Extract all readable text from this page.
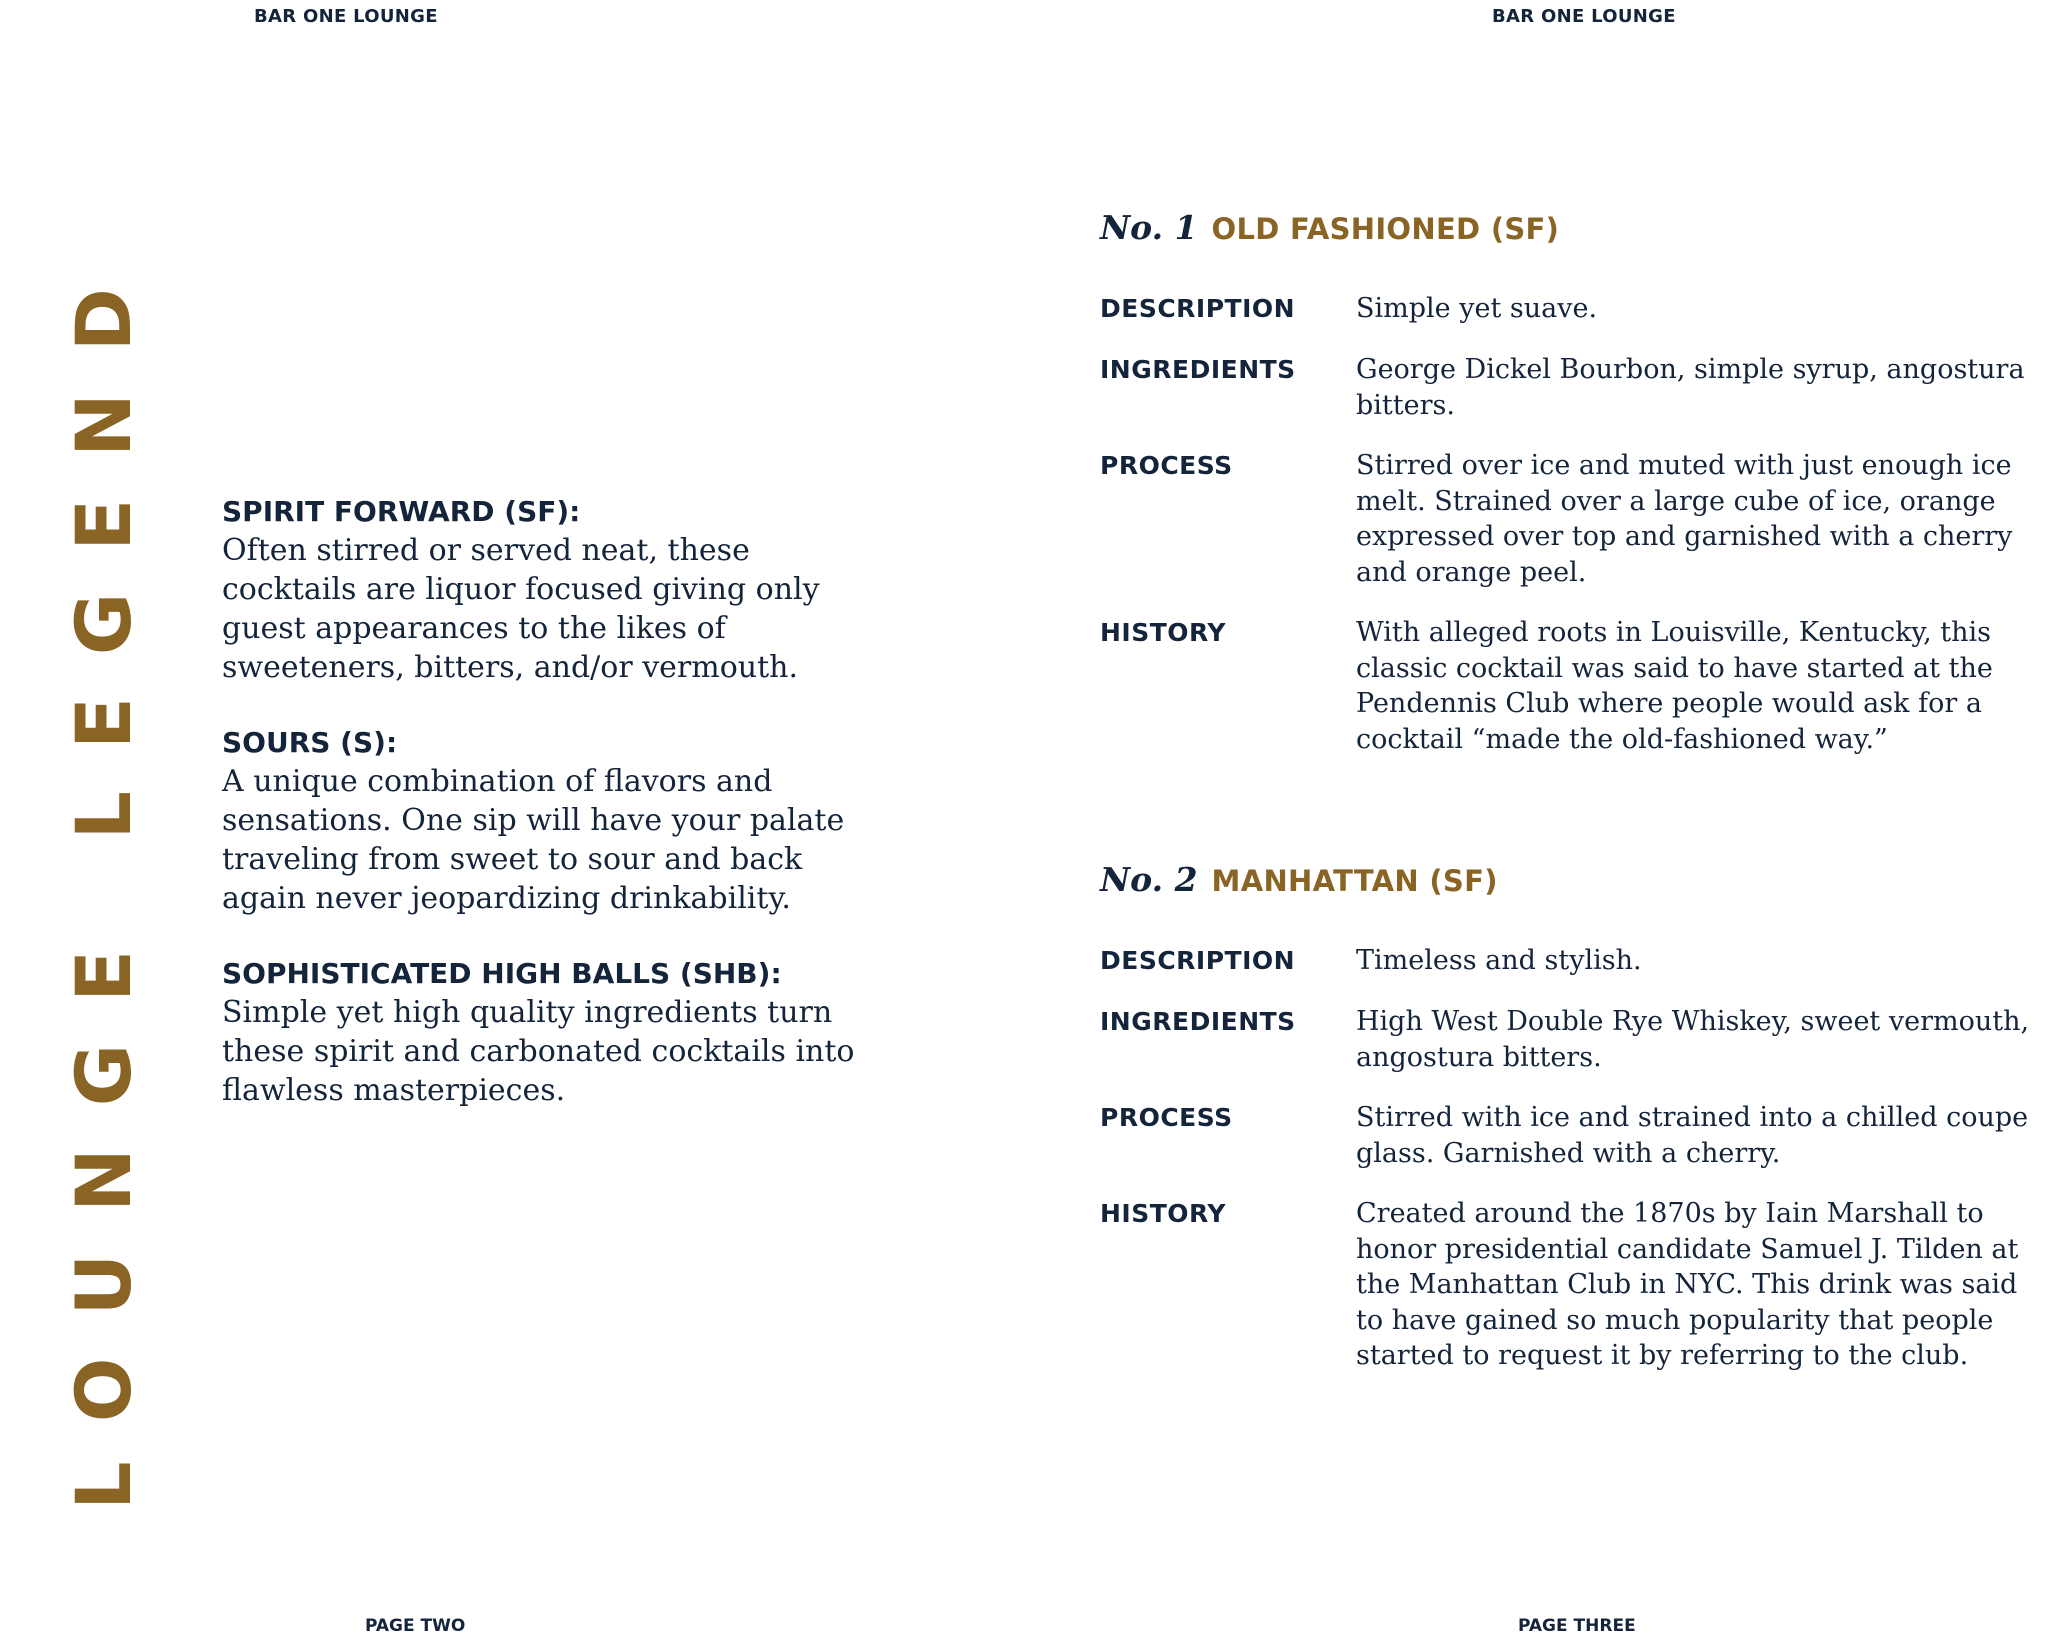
BAR ONE LOUNGE	BAR ONE LOUNGE
LOUNGE LEGEND	SPIRIT FORWARD (SF):
Often stirred or served neat, these cocktails are liquor focused giving only guest appearances to the likes of sweeteners, bitters, and/or vermouth.
SOURS (S):
A unique combination of flavors and sensations. One sip will have your palate traveling from sweet to sour and back again never jeopardizing drinkability.
SOPHISTICATED HIGH BALLS (SHB):
Simple yet high quality ingredients turn these spirit and carbonated cocktails into flawless masterpieces.
No. 1 OLD FASHIONED (SF)
DESCRIPTION	Simple yet suave.
INGREDIENTS	George Dickel Bourbon, simple syrup, angostura bitters.
PROCESS	Stirred over ice and muted with just enough ice melt. Strained over a large cube of ice, orange expressed over top and garnished with a cherry and orange peel.
HISTORY	With alleged roots in Louisville, Kentucky, this classic cocktail was said to have started at the Pendennis Club where people would ask for a cocktail “made the old-fashioned way.”
No. 2 MANHATTAN (SF)
DESCRIPTION	Timeless and stylish.
INGREDIENTS	High West Double Rye Whiskey, sweet vermouth, angostura bitters.
PROCESS	Stirred with ice and strained into a chilled coupe glass. Garnished with a cherry.
HISTORY	Created around the 1870s by Iain Marshall to honor presidential candidate Samuel J. Tilden at the Manhattan Club in NYC. This drink was said to have gained so much popularity that people started to request it by referring to the club.
PAGE TWO	PAGE THREE
